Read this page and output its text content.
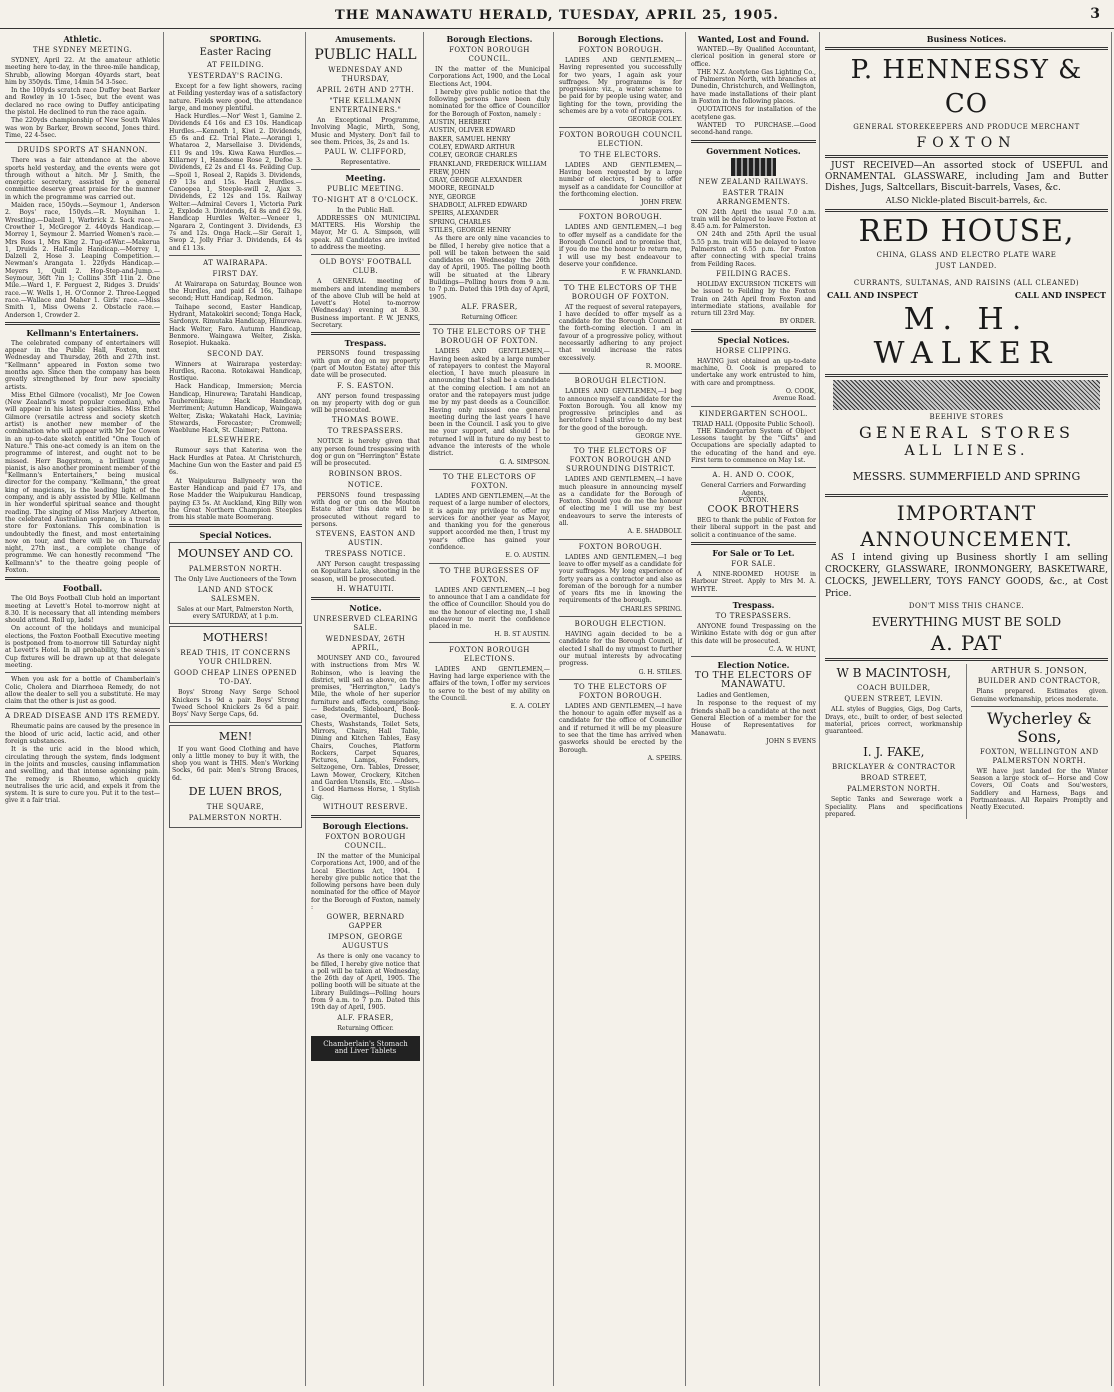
THE MANAWATU HERALD, TUESDAY, APRIL 25, 1905.	3
Athletic.
THE SYDNEY MEETING.

SYDNEY, April 22. At the amateur athletic meeting here to-day, in the three-mile handicap, Shrubb, allowing Morgan 40yards start, beat him by 350yds. Time, 14min 54 3-5sec.

In the 100yds scratch race Duffey beat Barker and Rowley in 10 1-5sec, but the event was declared no race owing to Duffey anticipating the pistol. He declined to run the race again.

The 220yds championship of New South Wales was won by Barker, Brown second, Jones third. Time, 22 4-5sec.

DRUIDS SPORTS AT SHANNON.

There was a fair attendance at the above sports held yesterday, and the events were got through without a hitch. Mr J. Smith, the energetic secretary, assisted by a general committee deserve great praise for the manner in which the programme was carried out.

Maiden race, 150yds.—Seymour 1, Anderson 2. Boys' race, 150yds.—R. Moynihan 1. Wrestling.—Dalzell 1, Warbrick 2. Sack race.—Crowther 1, McGregor 2. 440yds Handicap.—Morrey 1, Seymour 2. Married Women's race.—Mrs Ross 1, Mrs King 2. Tug-of-War.—Makerua 1, Druids 2. Half-mile Handicap.—Morrey 1, Dalzell 2, Hose 3. Leaping Competition.—Newman's Arangata 1. 220yds Handicap.—Meyers 1, Quill 2. Hop-Step-and-Jump.—Seymour, 36ft 7in 1; Collins 35ft 11in 2. One Mile.—Ward 1, F. Ferguest 2, Ridges 3. Druids' race.—W. Wells 1, H. O'Connor 2. Three-Legged race.—Wallace and Maher 1. Girls' race.—Miss Smith 1, Miss Owens 2. Obstacle race.—Anderson 1, Crowder 2.

Kellmann's Entertainers.

The celebrated company of entertainers will appear in the Public Hall, Foxton, next Wednesday and Thursday, 26th and 27th inst. "Kellmann" appeared in Foxton some two months ago. Since then the company has been greatly strengthened by four new specialty artists.

Miss Ethel Gilmore (vocalist), Mr Joe Cowen (New Zealand's most popular comedian), who will appear in his latest specialties. Miss Ethel Gilmore (versatile actress and society sketch artist) is another new member of the combination who will appear with Mr Joe Cowen in an up-to-date sketch entitled "One Touch of Nature." This one-act comedy is an item on the programme of interest, and ought not to be missed. Herr Baggstrom, a brilliant young pianist, is also another prominent member of the "Kellmann's Entertainers," being musical director for the company. "Kellmann," the great king of magicians, is the leading light of the company, and is ably assisted by Mlle. Kellmann in her wonderful spiritual seance and thought reading. The singing of Miss Marjory Atherton, the celebrated Australian soprano, is a treat in store for Foxtonians. This combination is undoubtedly the finest, and most entertaining now on tour, and there will be on Thursday night, 27th inst., a complete change of programme. We can honestly recommend "The Kellmann's" to the theatre going people of Foxton.

Football.

The Old Boys Football Club hold an important meeting at Levett's Hotel to-morrow night at 8.30. It is necessary that all intending members should attend. Roll up, lads!

On account of the holidays and municipal elections, the Foxton Football Executive meeting is postponed from to-morrow till Saturday night at Levett's Hotel. In all probability, the season's Cup fixtures will be drawn up at that delegate meeting.

When you ask for a bottle of Chamberlain's Colic, Cholera and Diarrhoea Remedy, do not allow the dealer to sell you a substitute. He may claim that the other is just as good.

A DREAD DISEASE AND ITS REMEDY.

Rheumatic pains are caused by the presence in the blood of uric acid, lactic acid, and other foreign substances.

It is the uric acid in the blood which, circulating through the system, finds lodgment in the joints and muscles, causing inflammation and swelling, and that intense agonising pain. The remedy is Rheumo, which quickly neutralises the uric acid, and expels it from the system. It is sure to cure you. Put it to the test—give it a fair trial.

SPORTING.
Easter Racing
AT FEILDING.
YESTERDAY'S RACING.

Except for a few light showers, racing at Feilding yesterday was of a satisfactory nature. Fields were good, the attendance large, and money plentiful.

Hack Hurdles.—Nor' West 1, Gamine 2. Dividends £4 16s and £3 10s. Handicap Hurdles.—Kenneth 1, Kiwi 2. Dividends, £5 6s and £2. Trial Plate.—Aorangi 1, Whataroa 2, Marsellaise 3. Dividends, £11 9s and 19s. Kiwa Kawa Hurdles.—Killarney 1, Handsome Rose 2, Defoe 3. Dividends, £2 2s and £1 4s. Feilding Cup.—Spoil 1, Roseal 2, Rapids 3. Dividends, £9 13s and 15s. Hack Hurdles.—Canoopea 1, Steeple-swill 2, Ajax 3. Dividends, £2 12s and 15s. Railway Welter.—Admiral Cevers 1, Victoria Park 2, Explode 3. Dividends, £4 8s and £2 9s. Handicap Hurdles Welter.—Veneer 1, Ngarara 2, Contingent 3. Dividends, £3 7s and 12s. Onga Hack.—Sir Gerait 1, Swop 2, Jolly Friar 3. Dividends, £4 4s and £1 13s.

AT WAIRARAPA.
FIRST DAY.

At Wairarapa on Saturday, Bounce won the Hurdles, and paid £4 16s, Taihape second; Hutt Handicap, Redmon.

Taihape second, Easter Handicap, Hydrant, Matakokiri second; Tonga Hack, Sardonyx. Rimutaka Handicap, Hinurewa. Hack Welter, Faro. Autumn Handicap, Benmore. Waingawa Welter, Ziska. Rosepiot. Hukaaka.

SECOND DAY.

Winners at Wairarapa yesterday: Hurdles, Racona. Rotokawai Handicap, Rostique.

Hack Handicap, Immersion; Mercia Handicap, Hinurewa; Taratahi Handicap, Tauherenikau; Hack Handicap, Merriment; Autumn Handicap, Waingawa Welter, Ziska; Wakatahi Hack, Lavinia; Stewards, Forecaster; Cromwell; Waeblune Hack, St. Claimer; Pattona.

ELSEWHERE.

Rumour says that Katerina won the Hack Hurdles at Patea. At Christchurch, Machine Gun won the Easter and paid £5 6s.

At Waipukurau Ballyneety won the Easter Handicap and paid £7 17s, and Rose Madder the Waipukurau Handicap, paying £3 5s. At Auckland, King Billy won the Great Northern Champion Steeples from his stable mate Boomerang.

Special Notices.
MOUNSEY AND CO.
PALMERSTON NORTH.

The Only Live Auctioneers of the Town

LAND AND STOCK SALESMEN.

Sales at our Mart, Palmerston North, every SATURDAY, at 1 p.m.

MOTHERS!
READ THIS, IT CONCERNS YOUR CHILDREN.
GOOD CHEAP LINES OPENED TO-DAY.

Boys' Strong Navy Serge School Knickers 1s 9d a pair. Boys' Strong Tweed School Knickers 2s 6d a pair. Boys' Navy Serge Caps, 6d.

MEN!

If you want Good Clothing and have only a little money to buy it with, the shop you want is THIS. Men's Working Socks, 6d pair. Men's Strong Braces, 6d.

DE LUEN BROS,
THE SQUARE,
PALMERSTON NORTH.
Amusements.
PUBLIC HALL
WEDNESDAY AND THURSDAY,
APRIL 26TH AND 27TH.
"THE KELLMANN ENTERTAINERS."

An Exceptional Programme, Involving Magic, Mirth, Song, Music and Mystery. Don't fail to see them. Prices, 3s, 2s and 1s.

PAUL W. CLIFFORD,
Representative.
Meeting.
PUBLIC MEETING.
TO-NIGHT AT 8 O'CLOCK.
In the Public Hall.

ADDRESSES ON MUNICIPAL MATTERS. His Worship the Mayor, Mr G. A. Simpson, will speak. All Candidates are invited to address the meeting.

OLD BOYS' FOOTBALL CLUB.

A GENERAL meeting of members and intending members of the above Club will be held at Levett's Hotel to-morrow (Wednesday) evening at 8.30. Business important. P. W. JENKS, Secretary.

Trespass.

PERSONS found trespassing with gun or dog on my property (part of Mouton Estate) after this date will be prosecuted.

F. S. EASTON.

ANY person found trespassing on my property with dog or gun will be prosecuted.

THOMAS BOWE.
TO TRESPASSERS.

NOTICE is hereby given that any person found trespassing with dog or gun on "Herrington" Estate will be prosecuted.

ROBINSON BROS.
NOTICE.

PERSONS found trespassing with dog or gun on the Mouton Estate after this date will be prosecuted without regard to persons.

STEVENS, EASTON AND AUSTIN.
TRESPASS NOTICE.

ANY Person caught trespassing on Kopuitara Lake, shooting in the season, will be prosecuted.

H. WHATUITI.
Notice.
UNRESERVED CLEARING SALE.
WEDNESDAY, 26TH APRIL,

MOUNSEY AND CO., favoured with instructions from Mrs W. Robinson, who is leaving the district, will sell as above, on the premises, "Herrington," Lady's Mile, the whole of her superior furniture and effects, comprising:— Bedsteads, Sideboard, Book-case, Overmantel, Duchess Chests, Washstands, Toilet Sets, Mirrors, Chairs, Hall Table, Dining and Kitchen Tables, Easy Chairs, Couches, Platform Rockers, Carpet Squares, Pictures, Lamps, Fenders, Seltzogene, Orn. Tables, Dresser, Lawn Mower, Crockery, Kitchen and Garden Utensils, Etc. —Also— 1 Good Harness Horse, 1 Stylish Gig.

WITHOUT RESERVE.
Borough Elections.
FOXTON BOROUGH COUNCIL.

IN the matter of the Municipal Corporations Act, 1900, and of the Local Elections Act, 1904. I hereby give public notice that the following persons have been duly nominated for the office of Mayor for the Borough of Foxton, namely :

GOWER, BERNARD GAPPER
IMPSON, GEORGE AUGUSTUS

As there is only one vacancy to be filled, I hereby give notice that a poll will be taken at Wednesday, the 26th day of April, 1905. The polling booth will be situate at the Library Buildings—Polling hours from 9 a.m. to 7 p.m. Dated this 19th day of April, 1905.

ALF. FRASER,
Returning Officer.
Chamberlain's Stomach and Liver Tablets
Borough Elections.
FOXTON BOROUGH COUNCIL.

IN the matter of the Municipal Corporations Act, 1900, and the Local Elections Act, 1904.

I hereby give public notice that the following persons have been duly nominated for the office of Councillor for the Borough of Foxton, namely :

AUSTIN, HERBERT
AUSTIN, OLIVER EDWARD
BAKER, SAMUEL HENRY
COLEY, EDWARD ARTHUR
COLEY, GEORGE CHARLES
FRANKLAND, FREDERICK WILLIAM
FREW, JOHN
GRAY, GEORGE ALEXANDER
MOORE, REGINALD
NYE, GEORGE
SHADBOLT, ALFRED EDWARD
SPEIRS, ALEXANDER
SPRING, CHARLES
STILES, GEORGE HENRY

As there are only nine vacancies to be filled, I hereby give notice that a poll will be taken between the said candidates on Wednesday the 26th day of April, 1905. The polling booth will be situated at the Library Buildings—Polling hours from 9 a.m. to 7 p.m. Dated this 19th day of April, 1905.

ALF. FRASER,
Returning Officer.
TO THE ELECTORS OF THE BOROUGH OF FOXTON.

LADIES AND GENTLEMEN,—Having been asked by a large number of ratepayers to contest the Mayoral election, I have much pleasure in announcing that I shall be a candidate at the coming election. I am not an orator and the ratepayers must judge me by my past deeds as a Councillor. Having only missed one general meeting during the last years I have been in the Council. I ask you to give me your support, and should I be returned I will in future do my best to advance the interests of the whole district.

G. A. SIMPSON.
TO THE ELECTORS OF FOXTON.

LADIES AND GENTLEMEN,—At the request of a large number of electors, it is again my privilege to offer my services for another year as Mayor, and thanking you for the generous support accorded me then, I trust my year's office has gained your confidence.

E. O. AUSTIN.
TO THE BURGESSES OF FOXTON.

LADIES AND GENTLEMEN,—I beg to announce that I am a candidate for the office of Councillor. Should you do me the honour of electing me, I shall endeavour to merit the confidence placed in me.

H. B. ST AUSTIN.
FOXTON BOROUGH ELECTIONS.

LADIES AND GENTLEMEN,—Having had large experience with the affairs of the town, I offer my services to serve to the best of my ability on the Council.

E. A. COLEY
Borough Elections.
FOXTON BOROUGH.

LADIES AND GENTLEMEN,—Having represented you successfully for two years, I again ask your suffrages. My programme is for progression: viz., a water scheme to be paid for by people using water, and lighting for the town, providing the schemes are by a vote of ratepayers.

GEORGE COLEY.
FOXTON BOROUGH COUNCIL ELECTION.
TO THE ELECTORS.

LADIES AND GENTLEMEN,—Having been requested by a large number of electors, I beg to offer myself as a candidate for Councillor at the forthcoming election.

JOHN FREW.
FOXTON BOROUGH.

LADIES AND GENTLEMEN,—I beg to offer myself as a candidate for the Borough Council and to promise that, if you do me the honour to return me, I will use my best endeavour to deserve your confidence.

F. W. FRANKLAND.
TO THE ELECTORS OF THE BOROUGH OF FOXTON.

AT the request of several ratepayers, I have decided to offer myself as a candidate for the Borough Council at the forth-coming election. I am in favour of a progressive policy, without necessarily adhering to any project that would increase the rates excessively.

R. MOORE.
BOROUGH ELECTION.

LADIES AND GENTLEMEN,—I beg to announce myself a candidate for the Foxton Borough. You all know my progressive principles and as heretofore I shall strive to do my best for the good of the borough.

GEORGE NYE.
TO THE ELECTORS OF FOXTON BOROUGH AND SURROUNDING DISTRICT.

LADIES AND GENTLEMEN,—I have much pleasure in announcing myself as a candidate for the Borough of Foxton. Should you do me the honour of electing me I will use my best endeavours to serve the interests of all.

A. E. SHADBOLT.
FOXTON BOROUGH.

LADIES AND GENTLEMEN,—I beg leave to offer myself as a candidate for your suffrages. My long experience of forty years as a contractor and also as foreman of the borough for a number of years fits me in knowing the requirements of the borough.

CHARLES SPRING.
BOROUGH ELECTION.

HAVING again decided to be a candidate for the Borough Council, if elected I shall do my utmost to further our mutual interests by advocating progress.

G. H. STILES.
TO THE ELECTORS OF FOXTON BOROUGH.

LADIES AND GENTLEMEN,—I have the honour to again offer myself as a candidate for the office of Councillor and if returned it will be my pleasure to see that the time has arrived when gasworks should be erected by the Borough.

A. SPEIRS.
Wanted, Lost and Found.

WANTED.—By Qualified Accountant, clerical position in general store or office.

THE N.Z. Acetylene Gas Lighting Co., of Palmerston North, with branches at Dunedin, Christchurch, and Wellington, have made installations of their plant in Foxton in the following places.

QUOTATIONS for installation of the acetylene gas.

WANTED TO PURCHASE.—Good second-hand range.

Government Notices.
NEW ZEALAND RAILWAYS.
EASTER TRAIN ARRANGEMENTS.

ON 24th April the usual 7.0 a.m. train will be delayed to leave Foxton at 8.45 a.m. for Palmerston.

ON 24th and 25th April the usual 5.55 p.m. train will be delayed to leave Palmerston at 6.55 p.m. for Foxton after connecting with special trains from Feilding Races.

FEILDING RACES.

HOLIDAY EXCURSION TICKETS will be issued to Feilding by the Foxton Train on 24th April from Foxton and intermediate stations, available for return till 23rd May.

BY ORDER.
Special Notices.
HORSE CLIPPING.

HAVING just obtained an up-to-date machine, O. Cook is prepared to undertake any work entrusted to him, with care and promptness.

O. COOK,
Avenue Road.
KINDERGARTEN SCHOOL.
TRIAD HALL (Opposite Public School).

THE Kindergarten System of Object Lessons taught by the "Gifts" and Occupations are specially adapted to the educating of the hand and eye. First term to commence on May 1st.

A. H. AND O. COOK,
General Carriers and Forwarding Agents,
FOXTON.
COOK BROTHERS

BEG to thank the public of Foxton for their liberal support in the past and solicit a continuance of the same.

For Sale or To Let.
FOR SALE.

A NINE-ROOMED HOUSE in Harbour Street. Apply to Mrs M. A. WHYTE.

Trespass.
TO TRESPASSERS.

ANYONE found Trespassing on the Wirikino Estate with dog or gun after this date will be prosecuted.

C. A. W. HUNT,
Election Notice.
TO THE ELECTORS OF MANAWATU.

Ladies and Gentlemen,

In response to the request of my friends shall be a candidate at the next General Election of a member for the House of Representatives for Manawatu.

JOHN S EVENS
Business Notices.
P. HENNESSY & CO
GENERAL STOREKEEPERS AND PRODUCE MERCHANT
FOXTON

JUST RECEIVED—An assorted stock of USEFUL and ORNAMENTAL GLASSWARE, including Jam and Butter Dishes, Jugs, Saltcellars, Biscuit-barrels, Vases, &c.

ALSO Nickle-plated Biscuit-barrels, &c.
RED HOUSE,
CHINA, GLASS AND ELECTRO PLATE WARE
JUST LANDED.
CURRANTS, SULTANAS, AND RAISINS (ALL CLEANED)
CALL AND INSPECT	CALL AND INSPECT
M. H. WALKER
BEEHIVE STORES
GENERAL STORES
ALL LINES.
MESSRS. SUMMERFIELD AND SPRING
IMPORTANT ANNOUNCEMENT.

AS I intend giving up Business shortly I am selling CROCKERY, GLASSWARE, IRONMONGERY, BASKETWARE, CLOCKS, JEWELLERY, TOYS FANCY GOODS, &c., at Cost Price.

DON'T MISS THIS CHANCE.
EVERYTHING MUST BE SOLD
A. PAT
W B MACINTOSH,
COACH BUILDER,
QUEEN STREET, LEVIN.

ALL styles of Buggies, Gigs, Dog Carts, Drays, etc., built to order, of best selected material, prices correct, workmanship guaranteed.

I. J. FAKE,
BRICKLAYER & CONTRACTOR
BROAD STREET,
PALMERSTON NORTH.

Septic Tanks and Sewerage work a Speciality. Plans and specifications prepared.

ARTHUR S. JONSON,
BUILDER AND CONTRACTOR,

Plans prepared. Estimates given. Genuine workmanship, prices moderate.

Wycherley & Sons,
FOXTON, WELLINGTON AND PALMERSTON NORTH.

WE have just landed for the Winter Season a large stock of— Horse and Cow Covers, Oil Coats and Sou'westers, Saddlery and Harness, Bags and Portmanteaus. All Repairs Promptly and Neatly Executed.
